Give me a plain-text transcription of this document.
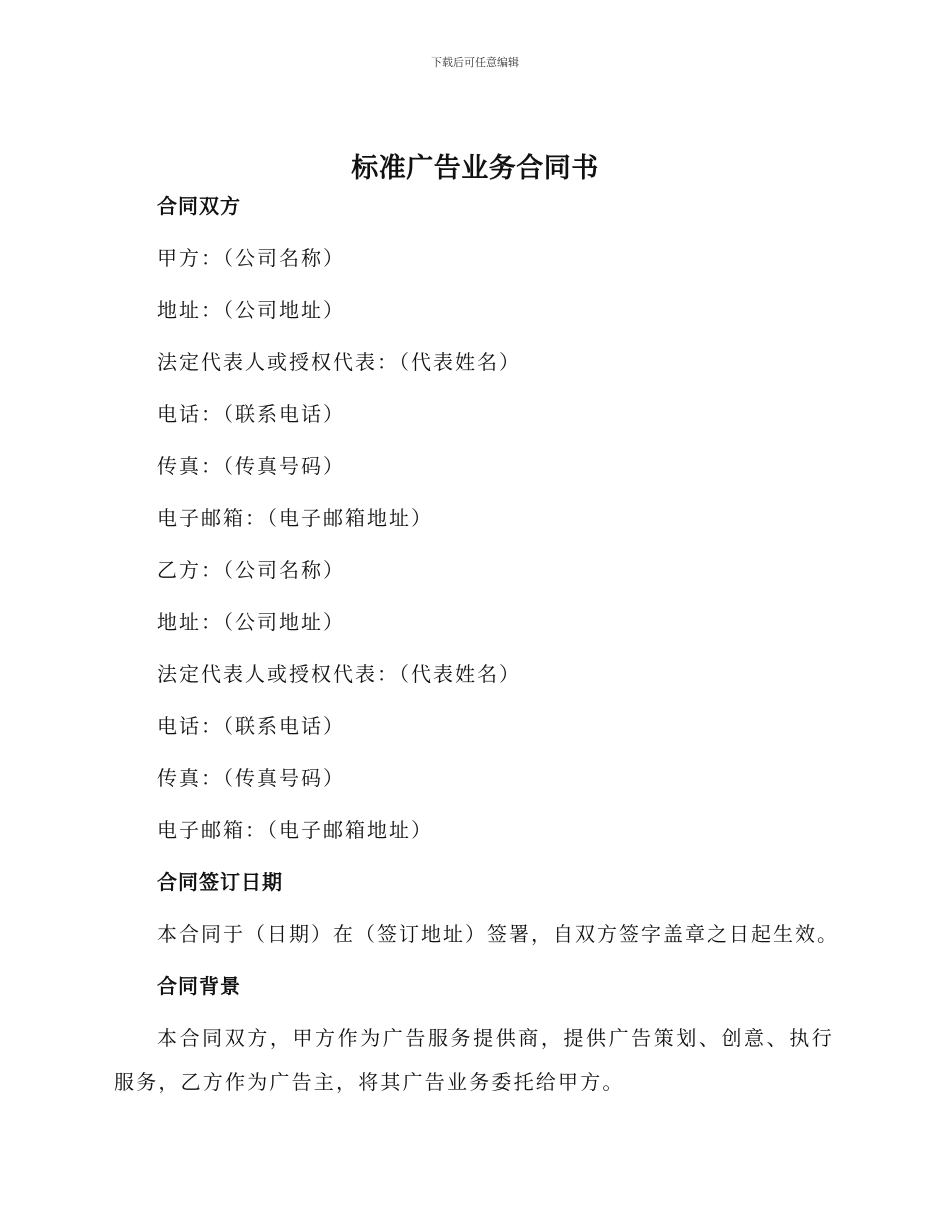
下载后可任意编辑
标准广告业务合同书
合同双方
甲方：（公司名称）
地址：（公司地址）
法定代表人或授权代表：（代表姓名）
电话：（联系电话）
传真：（传真号码）
电子邮箱：（电子邮箱地址）
乙方：（公司名称）
地址：（公司地址）
法定代表人或授权代表：（代表姓名）
电话：（联系电话）
传真：（传真号码）
电子邮箱：（电子邮箱地址）
合同签订日期
本合同于（日期）在（签订地址）签署，自双方签字盖章之日起生效。
合同背景
本合同双方，甲方作为广告服务提供商，提供广告策划、创意、执行服务，乙方作为广告主，将其广告业务委托给甲方。
